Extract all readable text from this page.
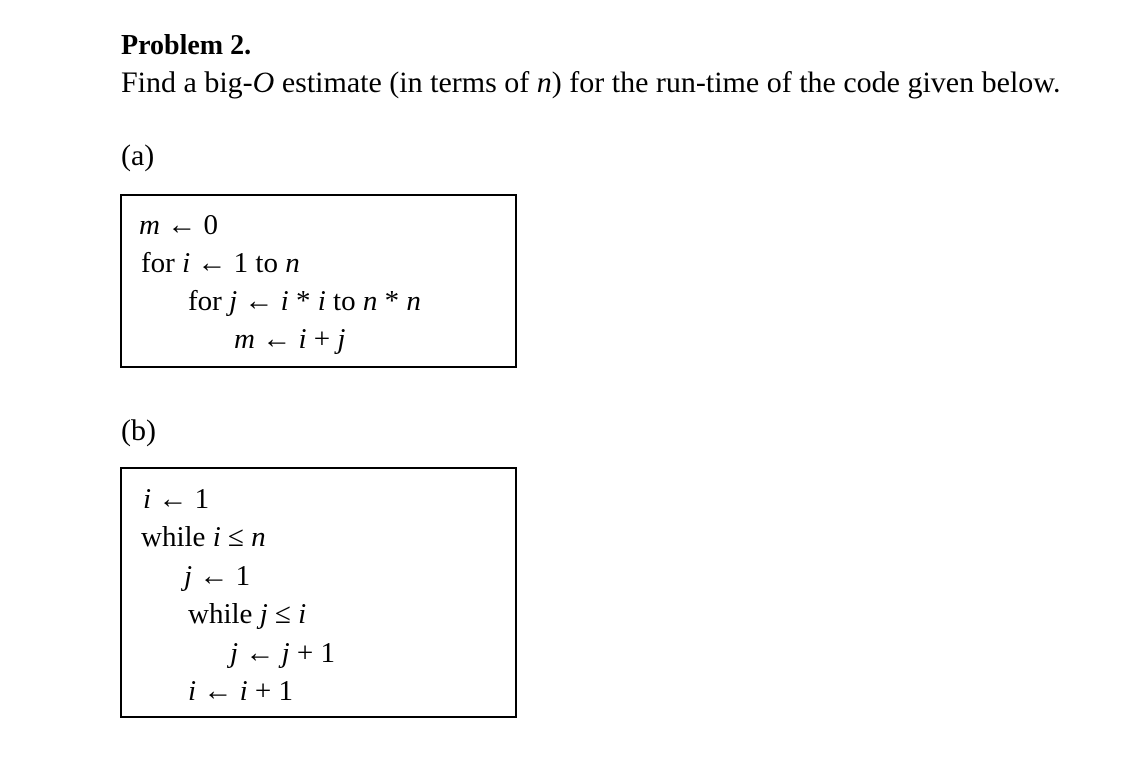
Problem 2.
Find a big-O estimate (in terms of n) for the run-time of the code given below.
(a)
m ← 0
for i ← 1 to n
for j ← i * i to n * n
m ← i + j
(b)
i ← 1
while i ≤ n
j ← 1
while j ≤ i
j ← j + 1
i ← i + 1
